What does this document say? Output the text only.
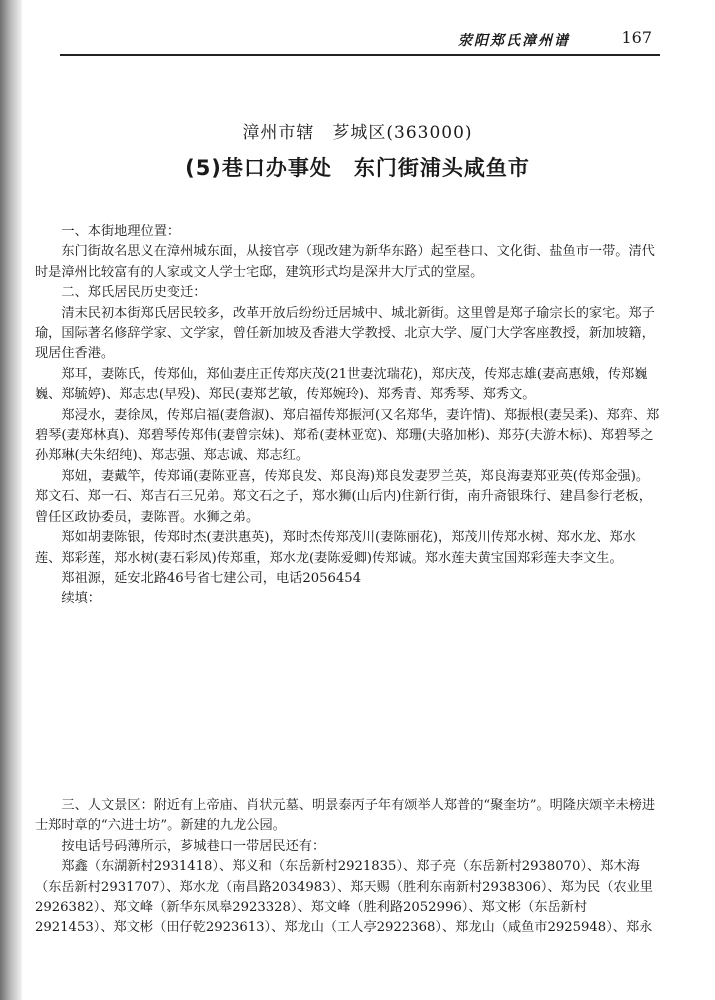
荥阳郑氏漳州谱	167
漳州市辖　芗城区(363000)
(5)巷口办事处　东门街浦头咸鱼市

一、本街地理位置：

东门街故名思义在漳州城东面，从接官亭（现改建为新华东路）起至巷口、文化街、盐鱼市一带。清代时是漳州比较富有的人家或文人学士宅邸，建筑形式均是深井大厅式的堂屋。

二、郑氏居民历史变迁：

清末民初本街郑氏居民较多，改革开放后纷纷迁居城中、城北新街。这里曾是郑子瑜宗长的家宅。郑子瑜，国际著名修辞学家、文学家，曾任新加坡及香港大学教授、北京大学、厦门大学客座教授，新加坡籍，现居住香港。

郑耳，妻陈氏，传郑仙，郑仙妻庄正传郑庆茂(21世妻沈瑞花)，郑庆茂，传郑志雄(妻高惠娥，传郑巍巍、郑毓婷)、郑志忠(早殁)、郑民(妻郑艺敏，传郑婉玲)、郑秀青、郑秀琴、郑秀文。

郑浸水，妻徐凤，传郑启福(妻詹淑)、郑启福传郑振河(又名郑华，妻许情)、郑振根(妻吴柔)、郑弈、郑碧琴(妻郑林真)、郑碧琴传郑伟(妻曾宗妹)、郑希(妻林亚宽)、郑珊(夫骆加彬)、郑芬(夫游木标)、郑碧琴之孙郑琳(夫朱绍纯)、郑志强、郑志诚、郑志红。

郑妞，妻戴竿，传郑诵(妻陈亚喜，传郑良发、郑良海)郑良发妻罗兰英，郑良海妻郑亚英(传郑金强)。郑文石、郑一石、郑吉石三兄弟。郑文石之子，郑水狮(山后内)住新行街，南升斋银珠行、建昌参行老板，曾任区政协委员，妻陈晋。水狮之弟。

郑如胡妻陈银，传郑时杰(妻洪惠英)，郑时杰传郑茂川(妻陈丽花)，郑茂川传郑水树、郑水龙、郑水莲、郑彩莲，郑水树(妻石彩凤)传郑重，郑水龙(妻陈爱卿)传郑诚。郑水莲夫黄宝国郑彩莲夫李文生。

郑祖源，延安北路46号省七建公司，电话2056454

续填：

三、人文景区：附近有上帝庙、肖状元墓、明景泰丙子年有颂举人郑普的“聚奎坊”。明隆庆颂辛未榜进士郑时章的“六进士坊”。新建的九龙公园。

按电话号码薄所示，芗城巷口一带居民还有：

郑鑫（东湖新村2931418）、郑义和（东岳新村2921835）、郑子亮（东岳新村2938070）、郑木海（东岳新村2931707）、郑水龙（南昌路2034983）、郑天赐（胜利东南新村2938306）、郑为民（农业里2926382）、郑文峰（新华东凤皋2923328）、郑文峰（胜利路2052996）、郑文彬（东岳新村2921453）、郑文彬（田仔乾2923613）、郑龙山（工人亭2922368）、郑龙山（咸鱼市2925948）、郑永
